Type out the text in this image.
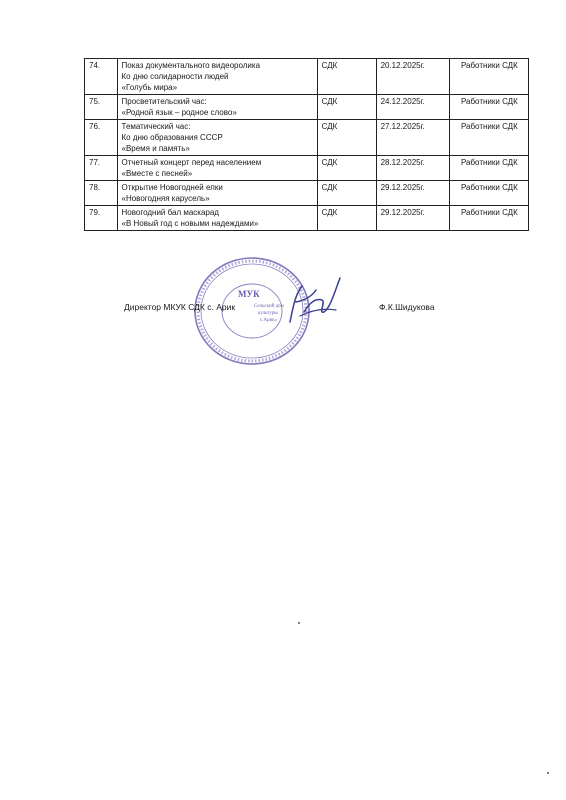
74.	Показ документального видеоролика
Ко дню солидарности людей
«Голубь мира»	СДК	20.12.2025г.	Работники СДК
75.	Просветительский час:
«Родной язык – родное слово»	СДК	24.12.2025г.	Работники СДК
76.	Тематический час:
Ко дню образования СССР
«Время и память»	СДК	27.12.2025г.	Работники СДК
77.	Отчетный концерт перед населением
«Вместе с песней»	СДК	28.12.2025г.	Работники СДК
78.	Открытие Новогодней елки
«Новогодняя карусель»	СДК	29.12.2025г.	Работники СДК
79.	Новогодний бал маскарад
«В Новый год с новыми надеждами»	СДК	29.12.2025г.	Работники СДК
МУК
Сельский дом
культуры
с.Арик»
Директор МКУК СДК с. Арик	Ф.К.Шидукова
